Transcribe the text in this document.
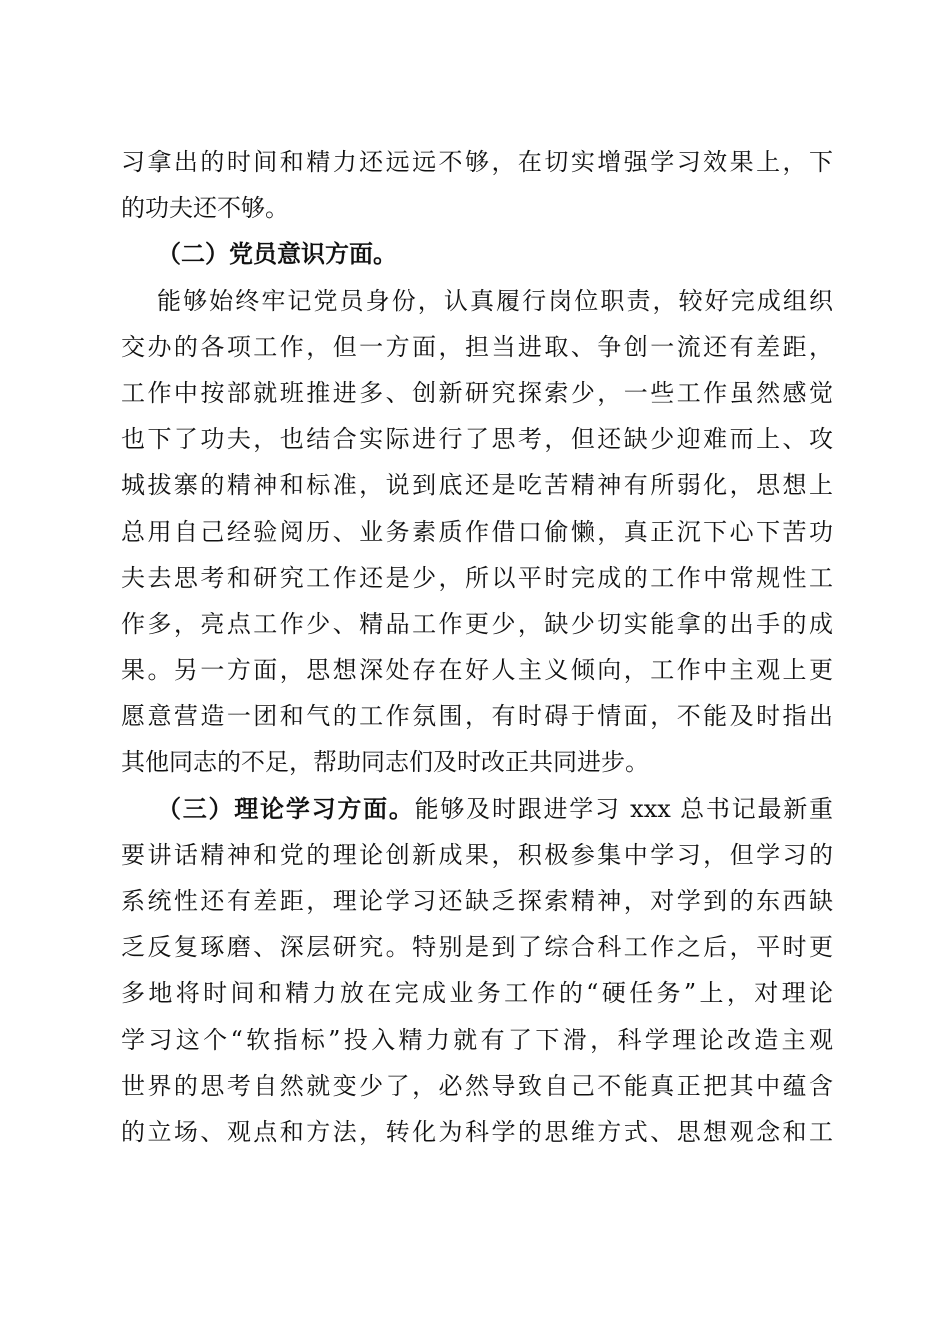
习拿出的时间和精力还远远不够，在切实增强学习效果上，下
的功夫还不够。
（二）党员意识方面。
能够始终牢记党员身份，认真履行岗位职责，较好完成组织
交办的各项工作，但一方面，担当进取、争创一流还有差距，
工作中按部就班推进多、创新研究探索少，一些工作虽然感觉
也下了功夫，也结合实际进行了思考，但还缺少迎难而上、攻
城拔寨的精神和标准，说到底还是吃苦精神有所弱化，思想上
总用自己经验阅历、业务素质作借口偷懒，真正沉下心下苦功
夫去思考和研究工作还是少，所以平时完成的工作中常规性工
作多，亮点工作少、精品工作更少，缺少切实能拿的出手的成
果。另一方面，思想深处存在好人主义倾向，工作中主观上更
愿意营造一团和气的工作氛围，有时碍于情面，不能及时指出
其他同志的不足，帮助同志们及时改正共同进步。
（三）理论学习方面。能够及时跟进学习 xxx 总书记最新重
要讲话精神和党的理论创新成果，积极参集中学习，但学习的
系统性还有差距，理论学习还缺乏探索精神，对学到的东西缺
乏反复琢磨、深层研究。特别是到了综合科工作之后，平时更
多地将时间和精力放在完成业务工作的“硬任务”上，对理论
学习这个“软指标”投入精力就有了下滑，科学理论改造主观
世界的思考自然就变少了，必然导致自己不能真正把其中蕴含
的立场、观点和方法，转化为科学的思维方式、思想观念和工
